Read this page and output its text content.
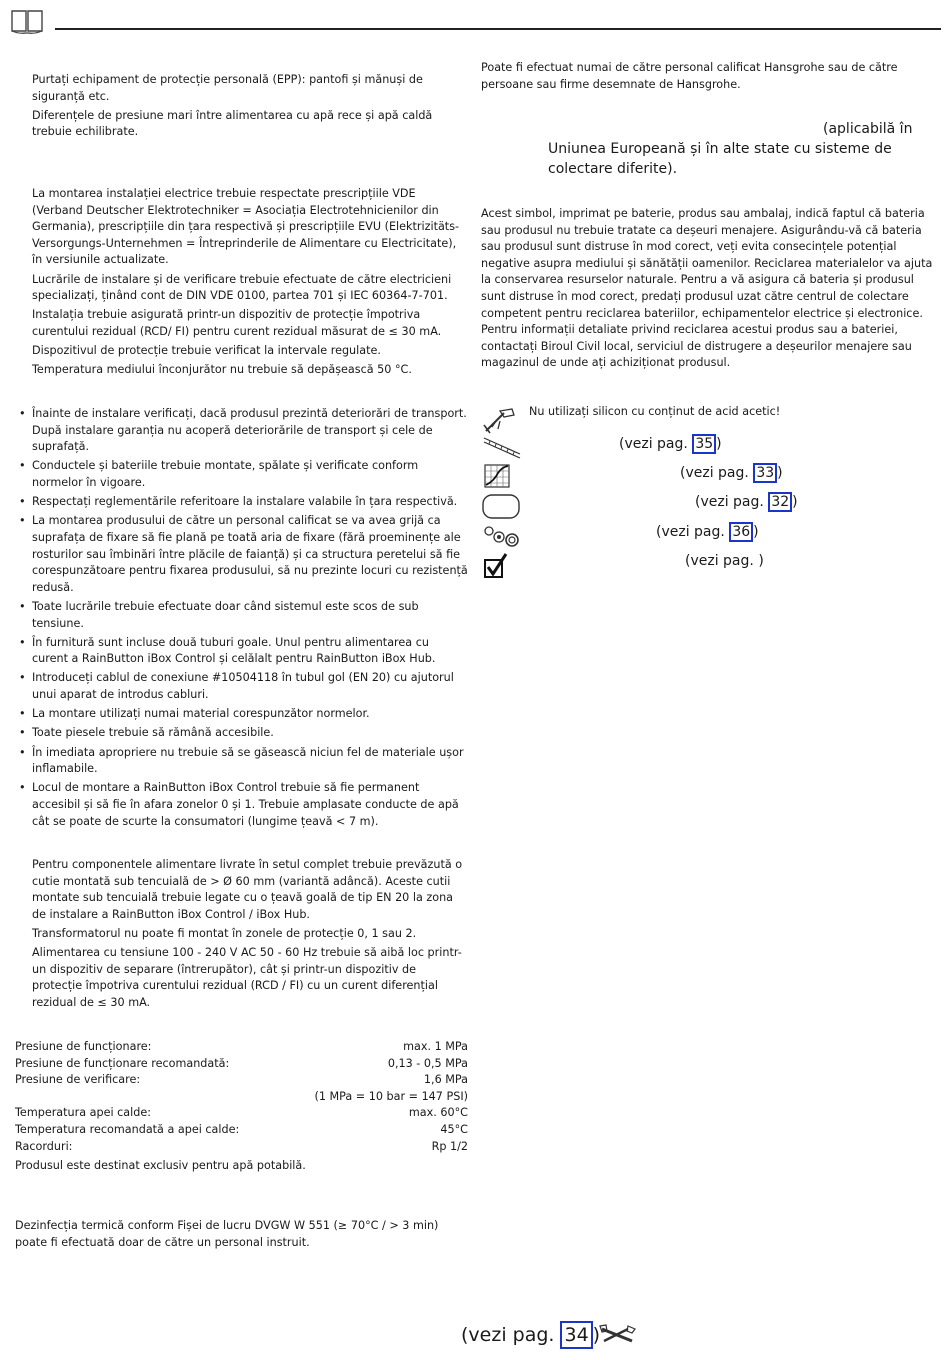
Purtați echipament de protecție personală (EPP): pantofi și mănuși de siguranță etc.

Diferențele de presiune mari între alimentarea cu apă rece și apă caldă trebuie echilibrate.

La montarea instalației electrice trebuie respectate prescripțiile VDE (Verband Deutscher Elektrotechniker = Asociația Electrotehnicienilor din Germania), prescripțiile din țara respectivă și prescripțiile EVU (Elektrizitäts-Versorgungs-Unternehmen = Întreprinderile de Alimentare cu Electricitate), în versiunile actualizate.

Lucrările de instalare și de verificare trebuie efectuate de către electricieni specializați, ținând cont de DIN VDE 0100, partea 701 și IEC 60364-7-701.

Instalația trebuie asigurată printr-un dispozitiv de protecție împotriva curentului rezidual (RCD/ FI) pentru curent rezidual măsurat de ≤ 30 mA.

Dispozitivul de protecție trebuie verificat la intervale regulate.

Temperatura mediului înconjurător nu trebuie să depășească 50 °C.

• Înainte de instalare verificați, dacă produsul prezintă deteriorări de transport. După instalare garanția nu acoperă deteriorările de transport și cele de suprafață.
• Conductele și bateriile trebuie montate, spălate și verificate conform normelor în vigoare.
• Respectați reglementările referitoare la instalare valabile în țara respectivă.
• La montarea produsului de către un personal calificat se va avea grijă ca suprafața de fixare să fie plană pe toată aria de fixare (fără proeminențe ale rosturilor sau îmbinări între plăcile de faianță) și ca structura peretelui să fie corespunzătoare pentru fixarea produsului, să nu prezinte locuri cu rezistență redusă.
• Toate lucrările trebuie efectuate doar când sistemul este scos de sub tensiune.
• În furnitură sunt incluse două tuburi goale. Unul pentru alimentarea cu curent a RainButton iBox Control și celălalt pentru RainButton iBox Hub.
• Introduceți cablul de conexiune #10504118 în tubul gol (EN 20) cu ajutorul unui aparat de introdus cabluri.
• La montare utilizați numai material corespunzător normelor.
• Toate piesele trebuie să rămână accesibile.
• În imediata apropriere nu trebuie să se găsească niciun fel de materiale ușor inflamabile.
• Locul de montare a RainButton iBox Control trebuie să fie permanent accesibil și să fie în afara zonelor 0 și 1. Trebuie amplasate conducte de apă cât se poate de scurte la consumatori (lungime țeavă < 7 m).

Pentru componentele alimentare livrate în setul complet trebuie prevăzută o cutie montată sub tencuială de > Ø 60 mm (variantă adâncă). Aceste cutii montate sub tencuială trebuie legate cu o țeavă goală de tip EN 20 la zona de instalare a RainButton iBox Control / iBox Hub.

Transformatorul nu poate fi montat în zonele de protecție 0, 1 sau 2.

Alimentarea cu tensiune 100 - 240 V AC 50 - 60 Hz trebuie să aibă loc printr-un dispozitiv de separare (întrerupător), cât și printr-un dispozitiv de protecție împotriva curentului rezidual (RCD / FI) cu un curent diferențial rezidual de ≤ 30 mA.

Presiune de funcționare:	max. 1 MPa
Presiune de funcționare recomandată:	0,13 - 0,5 MPa
Presiune de verificare:	1,6 MPa
(1 MPa = 10 bar = 147 PSI)
Temperatura apei calde:	max. 60°C
Temperatura recomandată a apei calde:	45°C
Racorduri:	Rp 1/2
Produsul este destinat exclusiv pentru apă potabilă.
Dezinfecția termică conform Fișei de lucru DVGW W 551 (≥ 70°C / > 3 min) poate fi efectuată doar de către un personal instruit.
Poate fi efectuat numai de către personal calificat Hansgrohe sau de către persoane sau firme desemnate de Hansgrohe.
(aplicabilă în
Uniunea Europeană și în alte state cu sisteme de colectare diferite).
Acest simbol, imprimat pe baterie, produs sau ambalaj, indică faptul că bateria sau produsul nu trebuie tratate ca deșeuri menajere. Asigurându-vă că bateria sau produsul sunt distruse în mod corect, veți evita consecințele potențial negative asupra mediului și sănătății oamenilor. Reciclarea materialelor va ajuta la conservarea resurselor naturale. Pentru a vă asigura că bateria și produsul sunt distruse în mod corect, predați produsul uzat către centrul de colectare competent pentru reciclarea bateriilor, echipamentelor electrice și electronice. Pentru informații detaliate privind reciclarea acestui produs sau a bateriei, contactați Biroul Civil local, serviciul de distrugere a deșeurilor menajere sau magazinul de unde ați achiziționat produsul.
Nu utilizați silicon cu conținut de acid acetic!
(vezi pag. 35 )
(vezi pag. 33 )
(vezi pag. 32 )
(vezi pag. 36 )
(vezi pag. )
(vezi pag. 34 )
